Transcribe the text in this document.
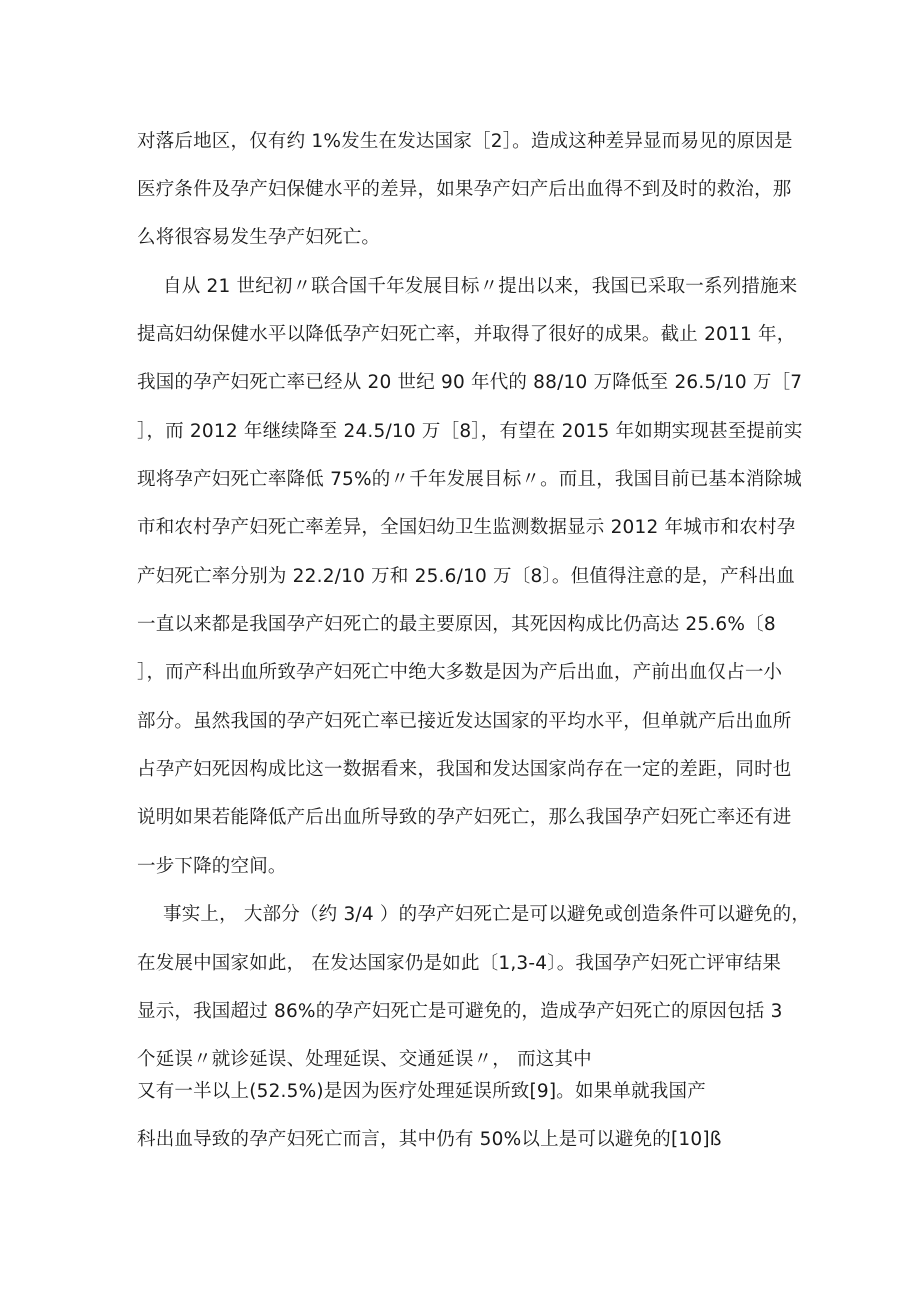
对落后地区，仅有约 1%发生在发达国家［2］。造成这种差异显而易见的原因是
医疗条件及孕产妇保健水平的差异，如果孕产妇产后出血得不到及时的救治，那
么将很容易发生孕产妇死亡。
自从 21 世纪初〃联合国千年发展目标〃提出以来，我国已采取一系列措施来
提高妇幼保健水平以降低孕产妇死亡率，并取得了很好的成果。截止 2011 年，
我国的孕产妇死亡率已经从 20 世纪 90 年代的 88/10 万降低至 26.5/10 万［7
］，而 2012 年继续降至 24.5/10 万［8］，有望在 2015 年如期实现甚至提前实
现将孕产妇死亡率降低 75%的〃千年发展目标〃。而且，我国目前已基本消除城
市和农村孕产妇死亡率差异，全国妇幼卫生监测数据显示 2012 年城市和农村孕
产妇死亡率分别为 22.2/10 万和 25.6/10 万〔8〕。但值得注意的是，产科出血
一直以来都是我国孕产妇死亡的最主要原因，其死因构成比仍高达 25.6%〔8
］，而产科出血所致孕产妇死亡中绝大多数是因为产后出血，产前出血仅占一小
部分。虽然我国的孕产妇死亡率已接近发达国家的平均水平，但单就产后出血所
占孕产妇死因构成比这一数据看来，我国和发达国家尚存在一定的差距，同时也
说明如果若能降低产后出血所导致的孕产妇死亡，那么我国孕产妇死亡率还有进
一步下降的空间。
事实上， 大部分（约 3/4 ）的孕产妇死亡是可以避免或创造条件可以避免的，
在发展中国家如此， 在发达国家仍是如此〔1,3-4〕。我国孕产妇死亡评审结果
显示，我国超过 86%的孕产妇死亡是可避免的，造成孕产妇死亡的原因包括 3
个延误〃就诊延误、处理延误、交通延误〃， 而这其中
又有一半以上(52.5%)是因为医疗处理延误所致[9]。如果单就我国产
科出血导致的孕产妇死亡而言，其中仍有 50%以上是可以避免的[10]ß
